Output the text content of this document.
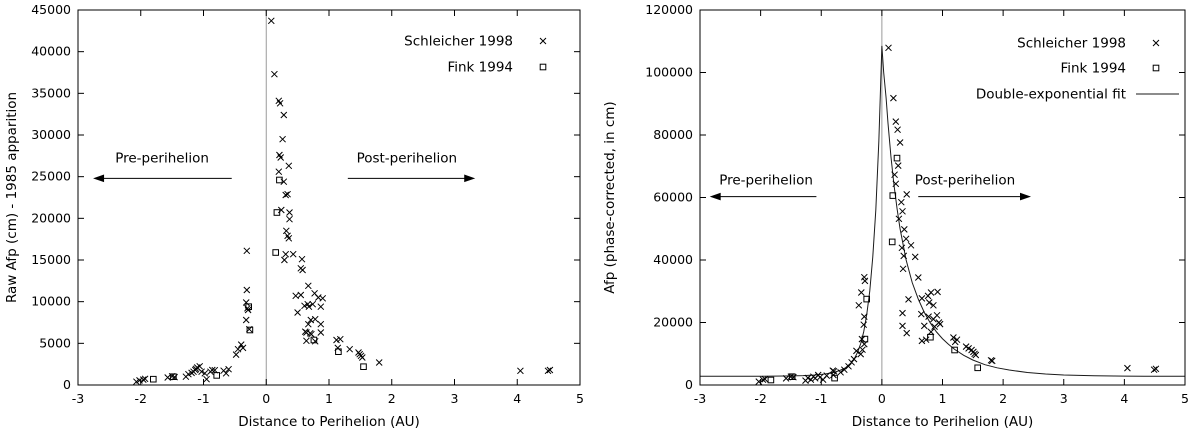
-3	-2	-1	0	1	2	3	4	5
0
5000
10000
15000
20000
25000
30000
35000
40000
45000
Distance to Perihelion (AU)
Raw Afp (cm) - 1985 apparition	Pre-perihelion	Post-perihelion
Schleicher 1998
Fink 1994
-3	-2	-1	0	1	2	3	4	5
0
20000
40000
60000
80000
100000
120000
Distance to Perihelion (AU)
Afp (phase-corrected, in cm)	Pre-perihelion	Post-perihelion
Schleicher 1998
Fink 1994
Double-exponential fit
